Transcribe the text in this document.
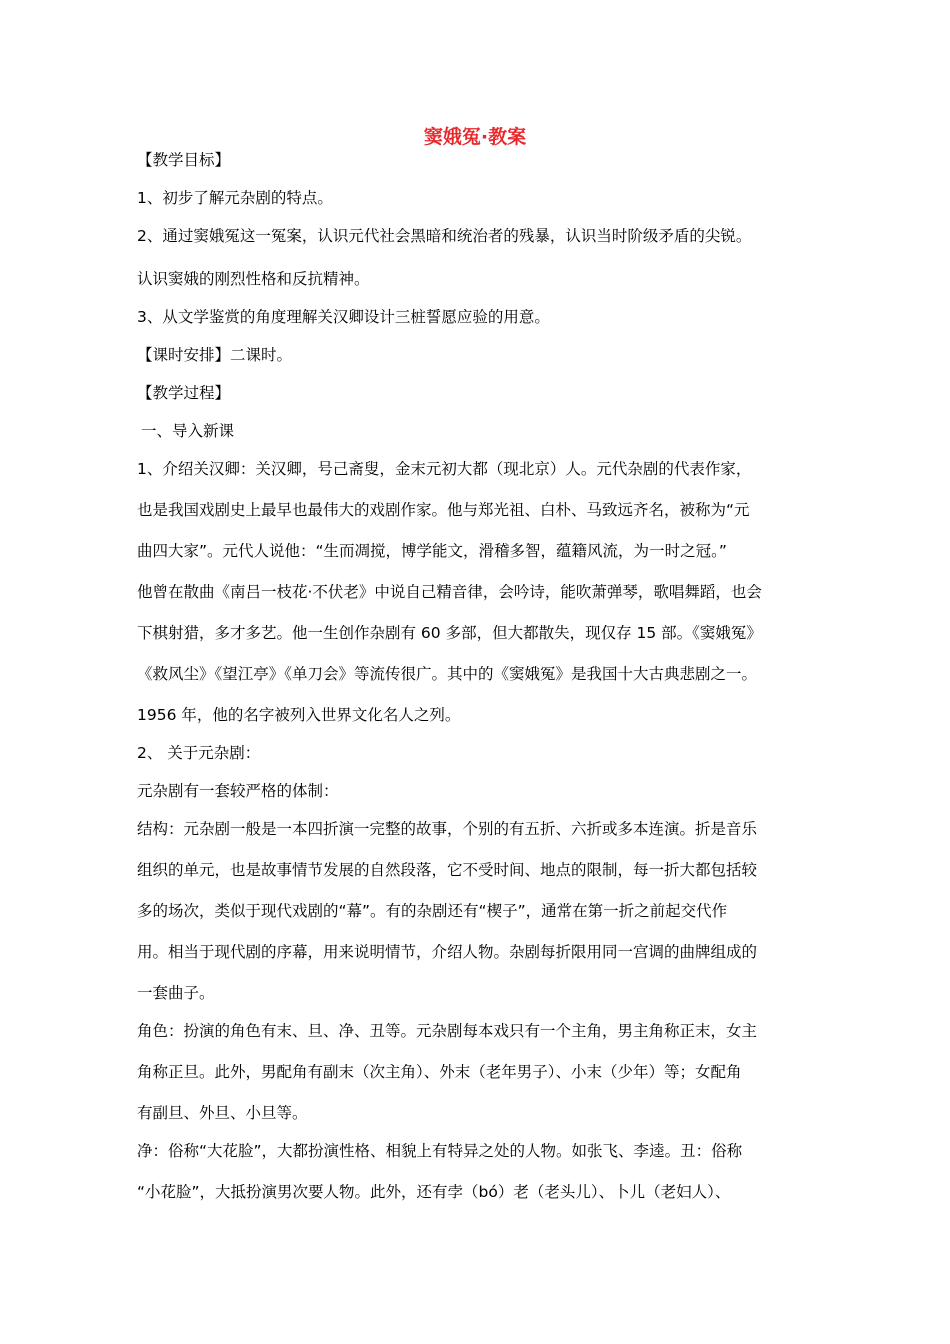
窦娥冤·教案

【教学目标】

1、初步了解元杂剧的特点。

2、通过窦娥冤这一冤案，认识元代社会黑暗和统治者的残暴，认识当时阶级矛盾的尖锐。

认识窦娥的刚烈性格和反抗精神。

3、从文学鉴赏的角度理解关汉卿设计三桩誓愿应验的用意。

【课时安排】二课时。

【教学过程】

一、导入新课

1、介绍关汉卿：关汉卿，号己斋叟，金末元初大都（现北京）人。元代杂剧的代表作家，

也是我国戏剧史上最早也最伟大的戏剧作家。他与郑光祖、白朴、马致远齐名，被称为“元

曲四大家”。元代人说他：“生而凋搅，博学能文，滑稽多智，蕴籍风流，为一时之冠。”

他曾在散曲《南吕一枝花·不伏老》中说自己精音律，会吟诗，能吹萧弹琴，歌唱舞蹈，也会

下棋射猎，多才多艺。他一生创作杂剧有 60 多部，但大都散失，现仅存 15 部。《窦娥冤》

《救风尘》《望江亭》《单刀会》等流传很广。其中的《窦娥冤》是我国十大古典悲剧之一。

1956 年，他的名字被列入世界文化名人之列。

2、 关于元杂剧：

元杂剧有一套较严格的体制：

结构：元杂剧一般是一本四折演一完整的故事，个别的有五折、六折或多本连演。折是音乐

组织的单元，也是故事情节发展的自然段落，它不受时间、地点的限制，每一折大都包括较

多的场次，类似于现代戏剧的“幕”。有的杂剧还有“楔子”，通常在第一折之前起交代作

用。相当于现代剧的序幕，用来说明情节，介绍人物。杂剧每折限用同一宫调的曲牌组成的

一套曲子。

角色：扮演的角色有末、旦、净、丑等。元杂剧每本戏只有一个主角，男主角称正末，女主

角称正旦。此外，男配角有副末（次主角）、外末（老年男子）、小末（少年）等；女配角

有副旦、外旦、小旦等。

净：俗称“大花脸”，大都扮演性格、相貌上有特异之处的人物。如张飞、李逵。丑：俗称

“小花脸”，大抵扮演男次要人物。此外，还有孛（bó）老（老头儿）、卜儿（老妇人）、
